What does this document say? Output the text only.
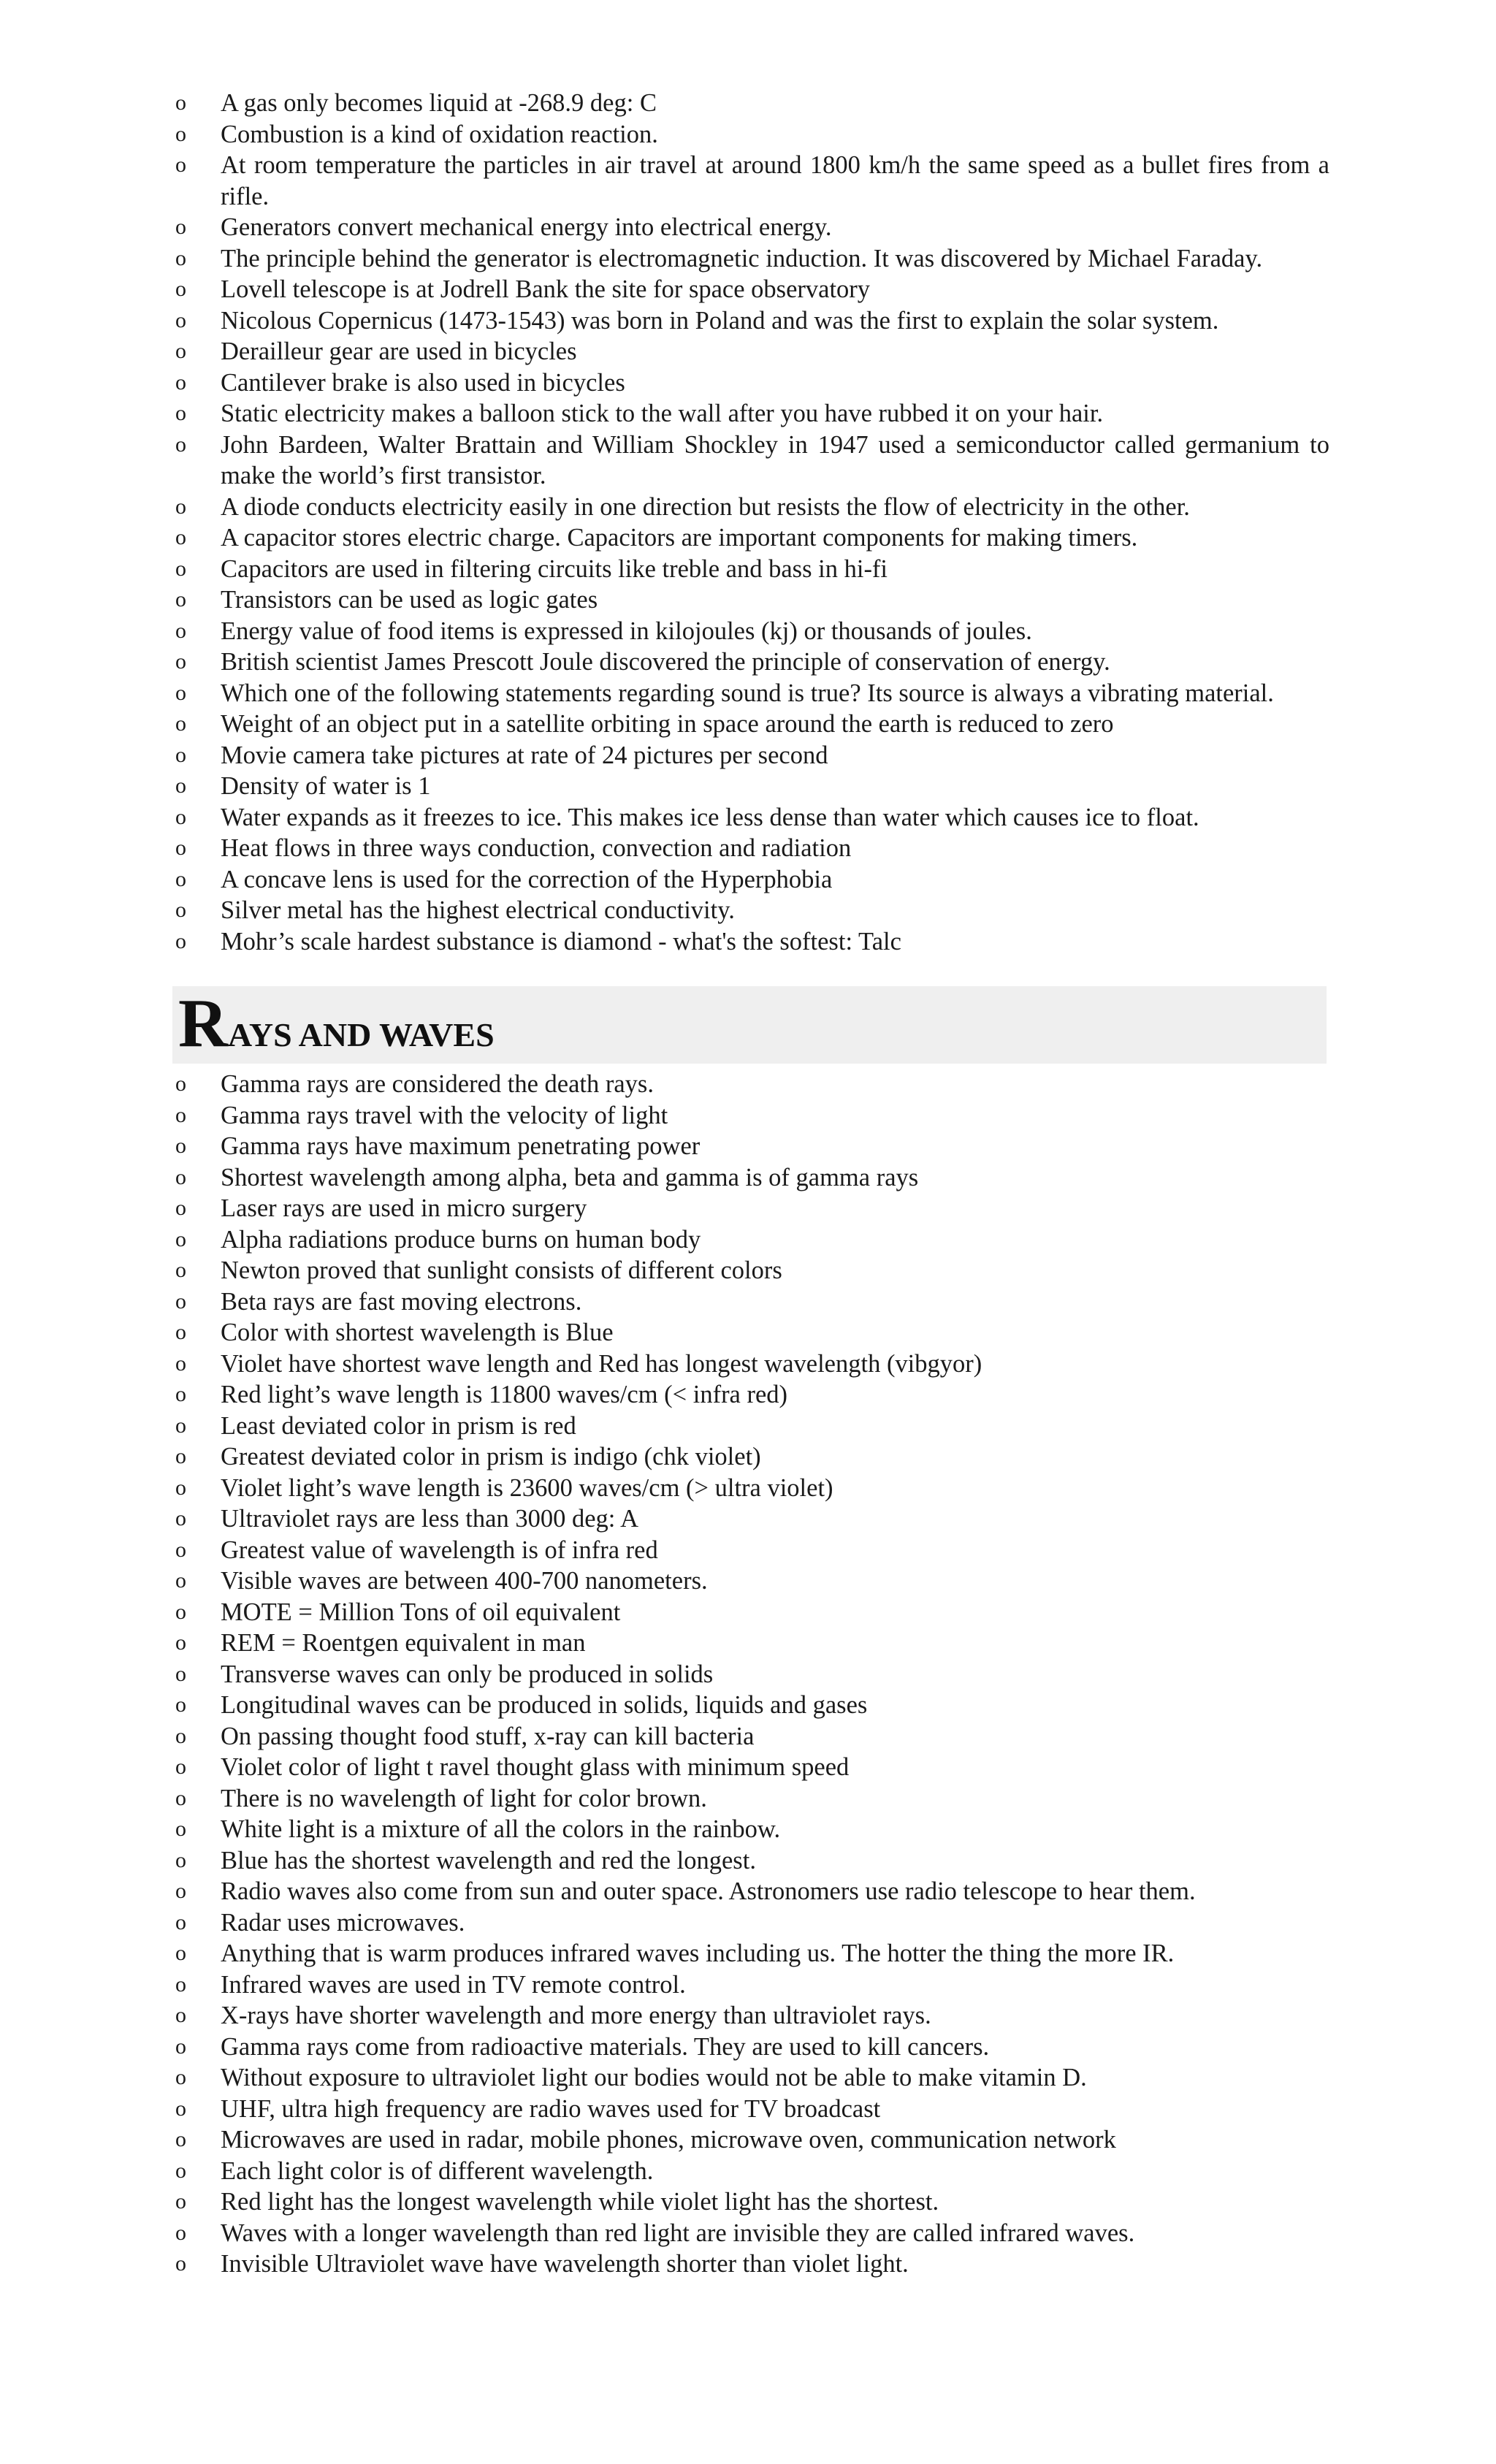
o A gas only becomes liquid at -268.9 deg: C
o Combustion is a kind of oxidation reaction.
o At room temperature the particles in air travel at around 1800 km/h the same speed as a bullet fires from a rifle.
o Generators convert mechanical energy into electrical energy.
o The principle behind the generator is electromagnetic induction. It was discovered by Michael Faraday.
o Lovell telescope is at Jodrell Bank the site for space observatory
o Nicolous Copernicus (1473-1543) was born in Poland and was the first to explain the solar system.
o Derailleur gear are used in bicycles
o Cantilever brake is also used in bicycles
o Static electricity makes a balloon stick to the wall after you have rubbed it on your hair.
o John Bardeen, Walter Brattain and William Shockley in 1947 used a semiconductor called germanium to make the world’s first transistor.
o A diode conducts electricity easily in one direction but resists the flow of electricity in the other.
o A capacitor stores electric charge. Capacitors are important components for making timers.
o Capacitors are used in filtering circuits like treble and bass in hi-fi
o Transistors can be used as logic gates
o Energy value of food items is expressed in kilojoules (kj) or thousands of joules.
o British scientist James Prescott Joule discovered the principle of conservation of energy.
o Which one of the following statements regarding sound is true? Its source is always a vibrating material.
o Weight of an object put in a satellite orbiting in space around the earth is reduced to zero
o Movie camera take pictures at rate of 24 pictures per second
o Density of water is 1
o Water expands as it freezes to ice. This makes ice less dense than water which causes ice to float.
o Heat flows in three ways conduction, convection and radiation
o A concave lens is used for the correction of the Hyperphobia
o Silver metal has the highest electrical conductivity.
o Mohr’s scale hardest substance is diamond - what's the softest: Talc
RAYS AND WAVES
o Gamma rays are considered the death rays.
o Gamma rays travel with the velocity of light
o Gamma rays have maximum penetrating power
o Shortest wavelength among alpha, beta and gamma is of gamma rays
o Laser rays are used in micro surgery
o Alpha radiations produce burns on human body
o Newton proved that sunlight consists of different colors
o Beta rays are fast moving electrons.
o Color with shortest wavelength is Blue
o Violet have shortest wave length and Red has longest wavelength (vibgyor)
o Red light’s wave length is 11800 waves/cm (< infra red)
o Least deviated color in prism is red
o Greatest deviated color in prism is indigo (chk violet)
o Violet light’s wave length is 23600 waves/cm (> ultra violet)
o Ultraviolet rays are less than 3000 deg: A
o Greatest value of wavelength is of infra red
o Visible waves are between 400-700 nanometers.
o MOTE = Million Tons of oil equivalent
o REM = Roentgen equivalent in man
o Transverse waves can only be produced in solids
o Longitudinal waves can be produced in solids, liquids and gases
o On passing thought food stuff, x-ray can kill bacteria
o Violet color of light t ravel thought glass with minimum speed
o There is no wavelength of light for color brown.
o White light is a mixture of all the colors in the rainbow.
o Blue has the shortest wavelength and red the longest.
o Radio waves also come from sun and outer space. Astronomers use radio telescope to hear them.
o Radar uses microwaves.
o Anything that is warm produces infrared waves including us. The hotter the thing the more IR.
o Infrared waves are used in TV remote control.
o X-rays have shorter wavelength and more energy than ultraviolet rays.
o Gamma rays come from radioactive materials. They are used to kill cancers.
o Without exposure to ultraviolet light our bodies would not be able to make vitamin D.
o UHF, ultra high frequency are radio waves used for TV broadcast
o Microwaves are used in radar, mobile phones, microwave oven, communication network
o Each light color is of different wavelength.
o Red light has the longest wavelength while violet light has the shortest.
o Waves with a longer wavelength than red light are invisible they are called infrared waves.
o Invisible Ultraviolet wave have wavelength shorter than violet light.
